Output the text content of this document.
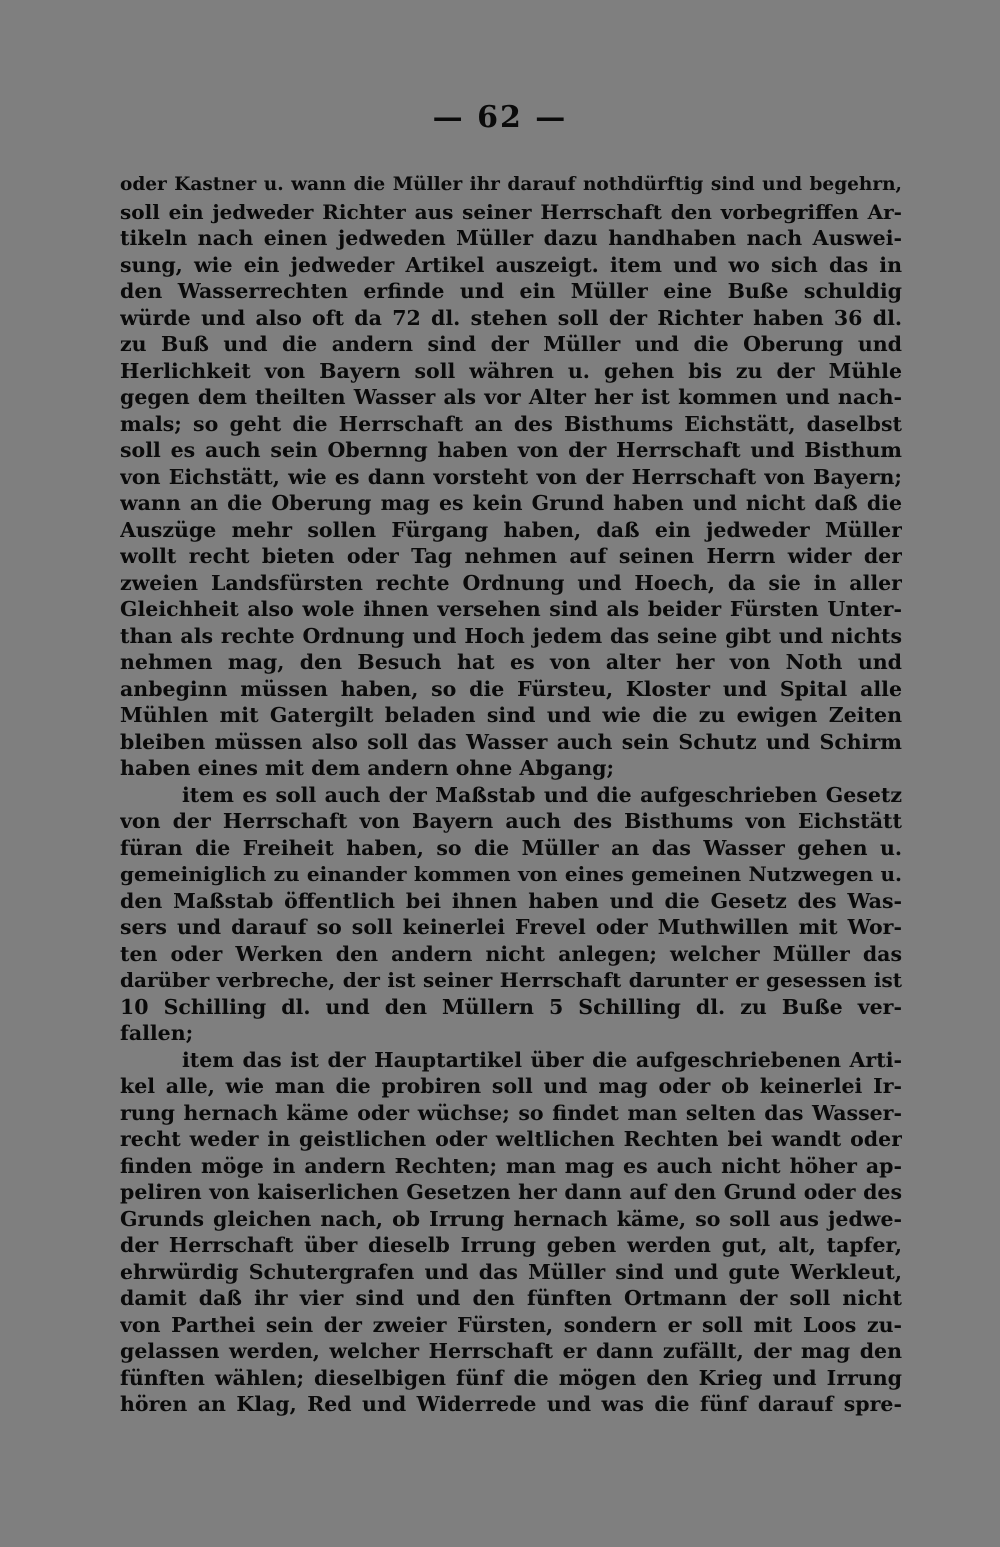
— 62 —
oder Kastner u. wann die Müller ihr darauf nothdürftig sind und begehrn,
soll ein jedweder Richter aus seiner Herrschaft den vorbegriffen Ar-
tikeln nach einen jedweden Müller dazu handhaben nach Auswei-
sung, wie ein jedweder Artikel auszeigt. item und wo sich das in
den Wasserrechten erfinde und ein Müller eine Buße schuldig
würde und also oft da 72 dl. stehen soll der Richter haben 36 dl.
zu Buß und die andern sind der Müller und die Oberung und
Herlichkeit von Bayern soll währen u. gehen bis zu der Mühle
gegen dem theilten Wasser als vor Alter her ist kommen und nach-
mals; so geht die Herrschaft an des Bisthums Eichstätt, daselbst
soll es auch sein Obernng haben von der Herrschaft und Bisthum
von Eichstätt, wie es dann vorsteht von der Herrschaft von Bayern;
wann an die Oberung mag es kein Grund haben und nicht daß die
Auszüge mehr sollen Fürgang haben, daß ein jedweder Müller
wollt recht bieten oder Tag nehmen auf seinen Herrn wider der
zweien Landsfürsten rechte Ordnung und Hoech, da sie in aller
Gleichheit also wole ihnen versehen sind als beider Fürsten Unter-
than als rechte Ordnung und Hoch jedem das seine gibt und nichts
nehmen mag, den Besuch hat es von alter her von Noth und
anbeginn müssen haben, so die Fürsteu, Kloster und Spital alle
Mühlen mit Gatergilt beladen sind und wie die zu ewigen Zeiten
bleiben müssen also soll das Wasser auch sein Schutz und Schirm
haben eines mit dem andern ohne Abgang;
item es soll auch der Maßstab und die aufgeschrieben Gesetz
von der Herrschaft von Bayern auch des Bisthums von Eichstätt
füran die Freiheit haben, so die Müller an das Wasser gehen u.
gemeiniglich zu einander kommen von eines gemeinen Nutzwegen u.
den Maßstab öffentlich bei ihnen haben und die Gesetz des Was-
sers und darauf so soll keinerlei Frevel oder Muthwillen mit Wor-
ten oder Werken den andern nicht anlegen; welcher Müller das
darüber verbreche, der ist seiner Herrschaft darunter er gesessen ist
10 Schilling dl. und den Müllern 5 Schilling dl. zu Buße ver-
fallen;
item das ist der Hauptartikel über die aufgeschriebenen Arti-
kel alle, wie man die probiren soll und mag oder ob keinerlei Ir-
rung hernach käme oder wüchse; so findet man selten das Wasser-
recht weder in geistlichen oder weltlichen Rechten bei wandt oder
finden möge in andern Rechten; man mag es auch nicht höher ap-
peliren von kaiserlichen Gesetzen her dann auf den Grund oder des
Grunds gleichen nach, ob Irrung hernach käme, so soll aus jedwe-
der Herrschaft über dieselb Irrung geben werden gut, alt, tapfer,
ehrwürdig Schutergrafen und das Müller sind und gute Werkleut,
damit daß ihr vier sind und den fünften Ortmann der soll nicht
von Parthei sein der zweier Fürsten, sondern er soll mit Loos zu-
gelassen werden, welcher Herrschaft er dann zufällt, der mag den
fünften wählen; dieselbigen fünf die mögen den Krieg und Irrung
hören an Klag, Red und Widerrede und was die fünf darauf spre-
